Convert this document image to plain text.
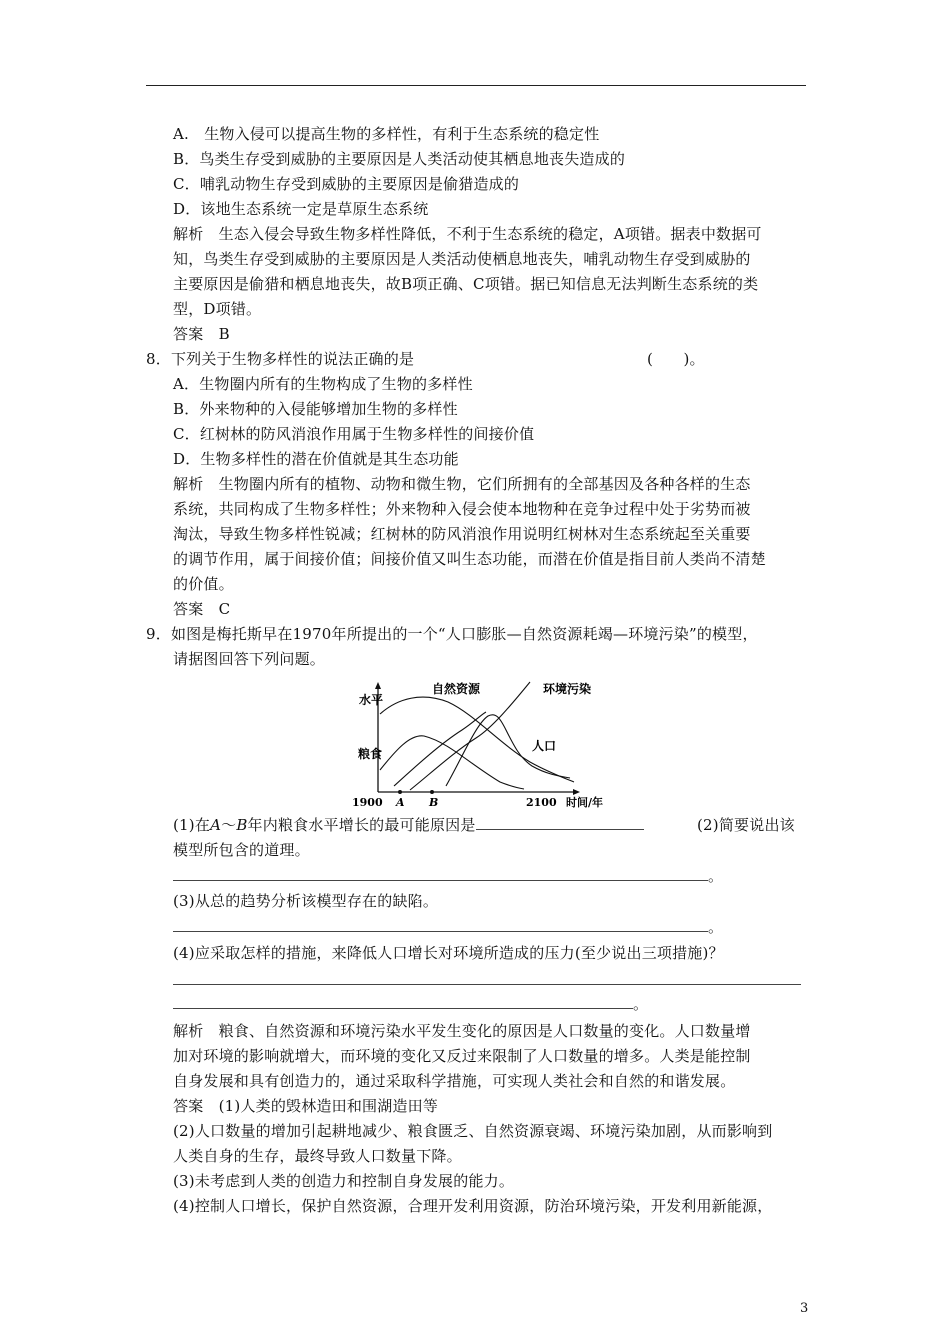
A.　生物入侵可以提高生物的多样性，有利于生态系统的稳定性
B．鸟类生存受到威胁的主要原因是人类活动使其栖息地丧失造成的
C．哺乳动物生存受到威胁的主要原因是偷猎造成的
D．该地生态系统一定是草原生态系统
解析　生态入侵会导致生物多样性降低，不利于生态系统的稳定，A项错。据表中数据可
知，鸟类生存受到威胁的主要原因是人类活动使栖息地丧失，哺乳动物生存受到威胁的
主要原因是偷猎和栖息地丧失，故B项正确、C项错。据已知信息无法判断生态系统的类
型，D项错。
答案　B
8．下列关于生物多样性的说法正确的是	(　　)。
A．生物圈内所有的生物构成了生物的多样性
B．外来物种的入侵能够增加生物的多样性
C．红树林的防风消浪作用属于生物多样性的间接价值
D．生物多样性的潜在价值就是其生态功能
解析　生物圈内所有的植物、动物和微生物，它们所拥有的全部基因及各种各样的生态
系统，共同构成了生物多样性；外来物种入侵会使本地物种在竞争过程中处于劣势而被
淘汰，导致生物多样性锐减；红树林的防风消浪作用说明红树林对生态系统起至关重要
的调节作用，属于间接价值；间接价值又叫生态功能，而潜在价值是指目前人类尚不清楚
的价值。
答案　C
9．如图是梅托斯早在1970年所提出的一个“人口膨胀—自然资源耗竭—环境污染”的模型，
请据图回答下列问题。
水平
自然资源	环境污染
粮食
人口
1900 A B	2100 时间/年
(1)在A～B年内粮食水平增长的最可能原因是	(2)简要说出该
模型所包含的道理。
。
(3)从总的趋势分析该模型存在的缺陷。
。
(4)应采取怎样的措施，来降低人口增长对环境所造成的压力(至少说出三项措施)？
。
解析　粮食、自然资源和环境污染水平发生变化的原因是人口数量的变化。人口数量增
加对环境的影响就增大，而环境的变化又反过来限制了人口数量的增多。人类是能控制
自身发展和具有创造力的，通过采取科学措施，可实现人类社会和自然的和谐发展。
答案　(1)人类的毁林造田和围湖造田等
(2)人口数量的增加引起耕地减少、粮食匮乏、自然资源衰竭、环境污染加剧，从而影响到
人类自身的生存，最终导致人口数量下降。
(3)未考虑到人类的创造力和控制自身发展的能力。
(4)控制人口增长，保护自然资源，合理开发利用资源，防治环境污染，开发利用新能源，
3
